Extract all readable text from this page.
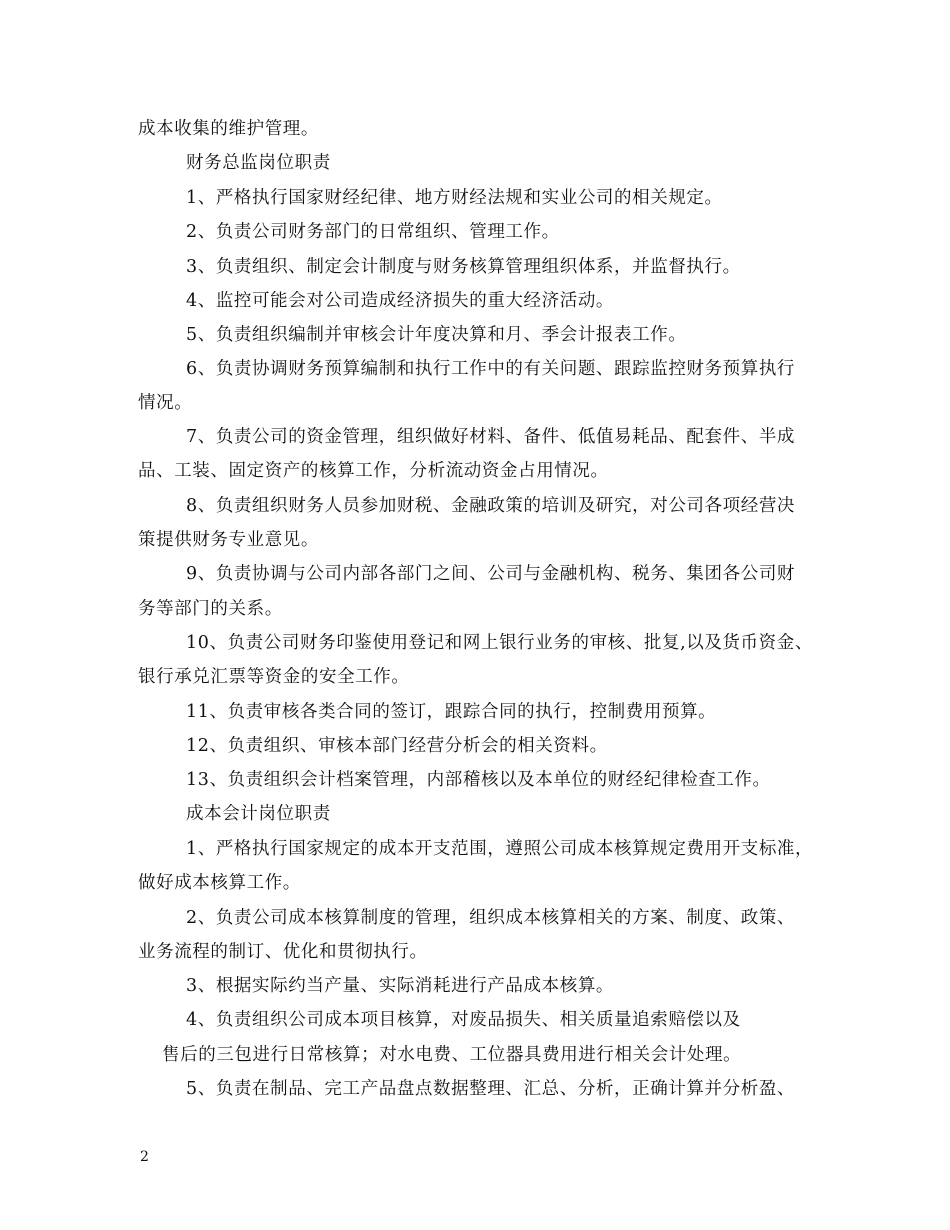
成本收集的维护管理。
财务总监岗位职责
1、严格执行国家财经纪律、地方财经法规和实业公司的相关规定。
2、负责公司财务部门的日常组织、管理工作。
3、负责组织、制定会计制度与财务核算管理组织体系，并监督执行。
4、监控可能会对公司造成经济损失的重大经济活动。
5、负责组织编制并审核会计年度决算和月、季会计报表工作。
6、负责协调财务预算编制和执行工作中的有关问题、跟踪监控财务预算执行
情况。
7、负责公司的资金管理，组织做好材料、备件、低值易耗品、配套件、半成
品、工装、固定资产的核算工作，分析流动资金占用情况。
8、负责组织财务人员参加财税、金融政策的培训及研究，对公司各项经营决
策提供财务专业意见。
9、负责协调与公司内部各部门之间、公司与金融机构、税务、集团各公司财
务等部门的关系。
10、负责公司财务印鉴使用登记和网上银行业务的审核、批复,以及货币资金、
银行承兑汇票等资金的安全工作。
11、负责审核各类合同的签订，跟踪合同的执行，控制费用预算。
12、负责组织、审核本部门经营分析会的相关资料。
13、负责组织会计档案管理，内部稽核以及本单位的财经纪律检查工作。
成本会计岗位职责
1、严格执行国家规定的成本开支范围，遵照公司成本核算规定费用开支标准，
做好成本核算工作。
2、负责公司成本核算制度的管理，组织成本核算相关的方案、制度、政策、
业务流程的制订、优化和贯彻执行。
3、根据实际约当产量、实际消耗进行产品成本核算。
4、负责组织公司成本项目核算，对废品损失、相关质量追索赔偿以及
售后的三包进行日常核算；对水电费、工位器具费用进行相关会计处理。
5、负责在制品、完工产品盘点数据整理、汇总、分析，正确计算并分析盈、
2
